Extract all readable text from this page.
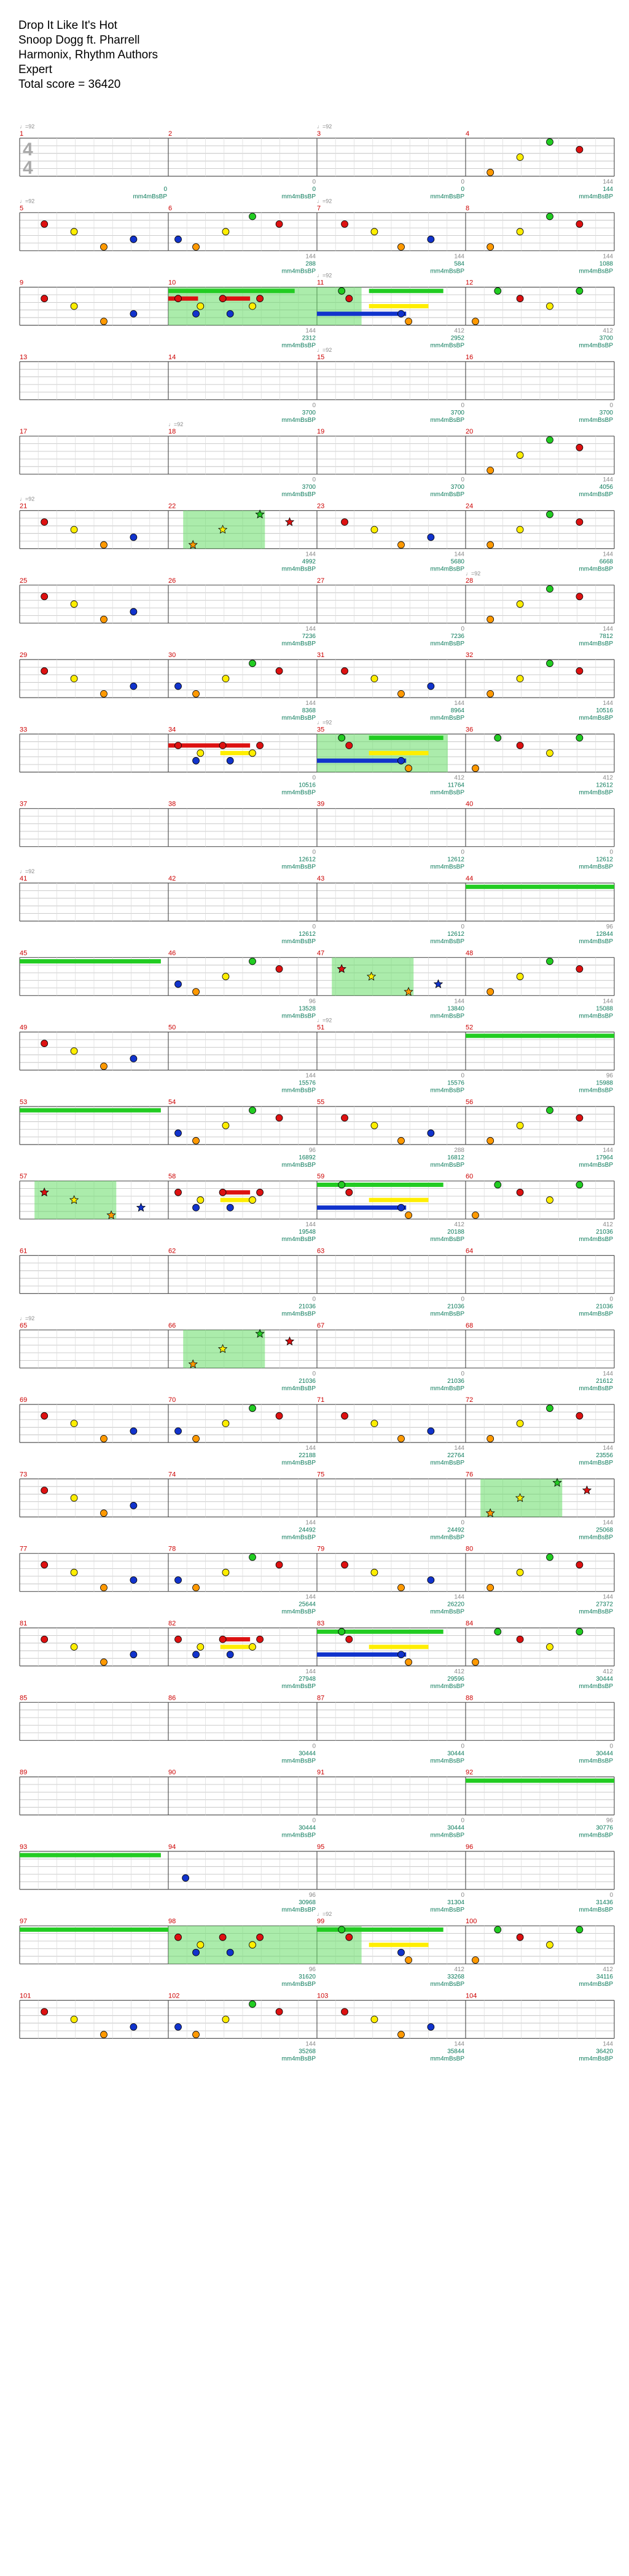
Drop It Like It's Hot
Snoop Dogg ft. Pharrell
Harmonix, Rhythm Authors
Expert
Total score = 36420
4
4
♩=92	♩=92
♩=92	♩=92
♩=92
♩=92
♩=92
♩=92
♩=92
♩=92
♩=92
♩=92
♩=92
♩=92
1
0
mm4mBsBP
2
0
0
mm4mBsBP
3
0
0
mm4mBsBP
4
144
144
mm4mBsBP
5	6
144
288
mm4mBsBP
7
144
584
mm4mBsBP
8
144
1088
mm4mBsBP
9	10
144
2312
mm4mBsBP
11
412
2952
mm4mBsBP
12
412
3700
mm4mBsBP
13	14
0
3700
mm4mBsBP
15
0
3700
mm4mBsBP
16
0
3700
mm4mBsBP
17	18
0
3700
mm4mBsBP
19
0
3700
mm4mBsBP
20
144
4056
mm4mBsBP
21	22
144
4992
mm4mBsBP
23
144
5680
mm4mBsBP
24
144
6668
mm4mBsBP
25	26
144
7236
mm4mBsBP
27
0
7236
mm4mBsBP
28
144
7812
mm4mBsBP
29	30
144
8368
mm4mBsBP
31
144
8964
mm4mBsBP
32
144
10516
mm4mBsBP
33	34
0
10516
mm4mBsBP
35
412
11764
mm4mBsBP
36
412
12612
mm4mBsBP
37	38
0
12612
mm4mBsBP
39
0
12612
mm4mBsBP
40
0
12612
mm4mBsBP
41	42
0
12612
mm4mBsBP
43
0
12612
mm4mBsBP
44
96
12844
mm4mBsBP
45	46
96
13528
mm4mBsBP
47
144
13840
mm4mBsBP
48
144
15088
mm4mBsBP
49	50
144
15576
mm4mBsBP
51
0
15576
mm4mBsBP
52
96
15988
mm4mBsBP
53	54
96
16892
mm4mBsBP
55
288
16812
mm4mBsBP
56
144
17964
mm4mBsBP
57	58
144
19548
mm4mBsBP
59
412
20188
mm4mBsBP
60
412
21036
mm4mBsBP
61	62
0
21036
mm4mBsBP
63
0
21036
mm4mBsBP
64
0
21036
mm4mBsBP
65	66
0
21036
mm4mBsBP
67
0
21036
mm4mBsBP
68
144
21612
mm4mBsBP
69	70
144
22188
mm4mBsBP
71
144
22764
mm4mBsBP
72
144
23556
mm4mBsBP
73	74
144
24492
mm4mBsBP
75
0
24492
mm4mBsBP
76
144
25068
mm4mBsBP
77	78
144
25644
mm4mBsBP
79
144
26220
mm4mBsBP
80
144
27372
mm4mBsBP
81	82
144
27948
mm4mBsBP
83
412
29596
mm4mBsBP
84
412
30444
mm4mBsBP
85	86
0
30444
mm4mBsBP
87
0
30444
mm4mBsBP
88
0
30444
mm4mBsBP
89	90
0
30444
mm4mBsBP
91
0
30444
mm4mBsBP
92
96
30776
mm4mBsBP
93	94
96
30968
mm4mBsBP
95
0
31304
mm4mBsBP
96
0
31436
mm4mBsBP
97	98
96
31620
mm4mBsBP
99
412
33268
mm4mBsBP
100
412
34116
mm4mBsBP
101	102
144
35268
mm4mBsBP
103
144
35844
mm4mBsBP
104
144
36420
mm4mBsBP
